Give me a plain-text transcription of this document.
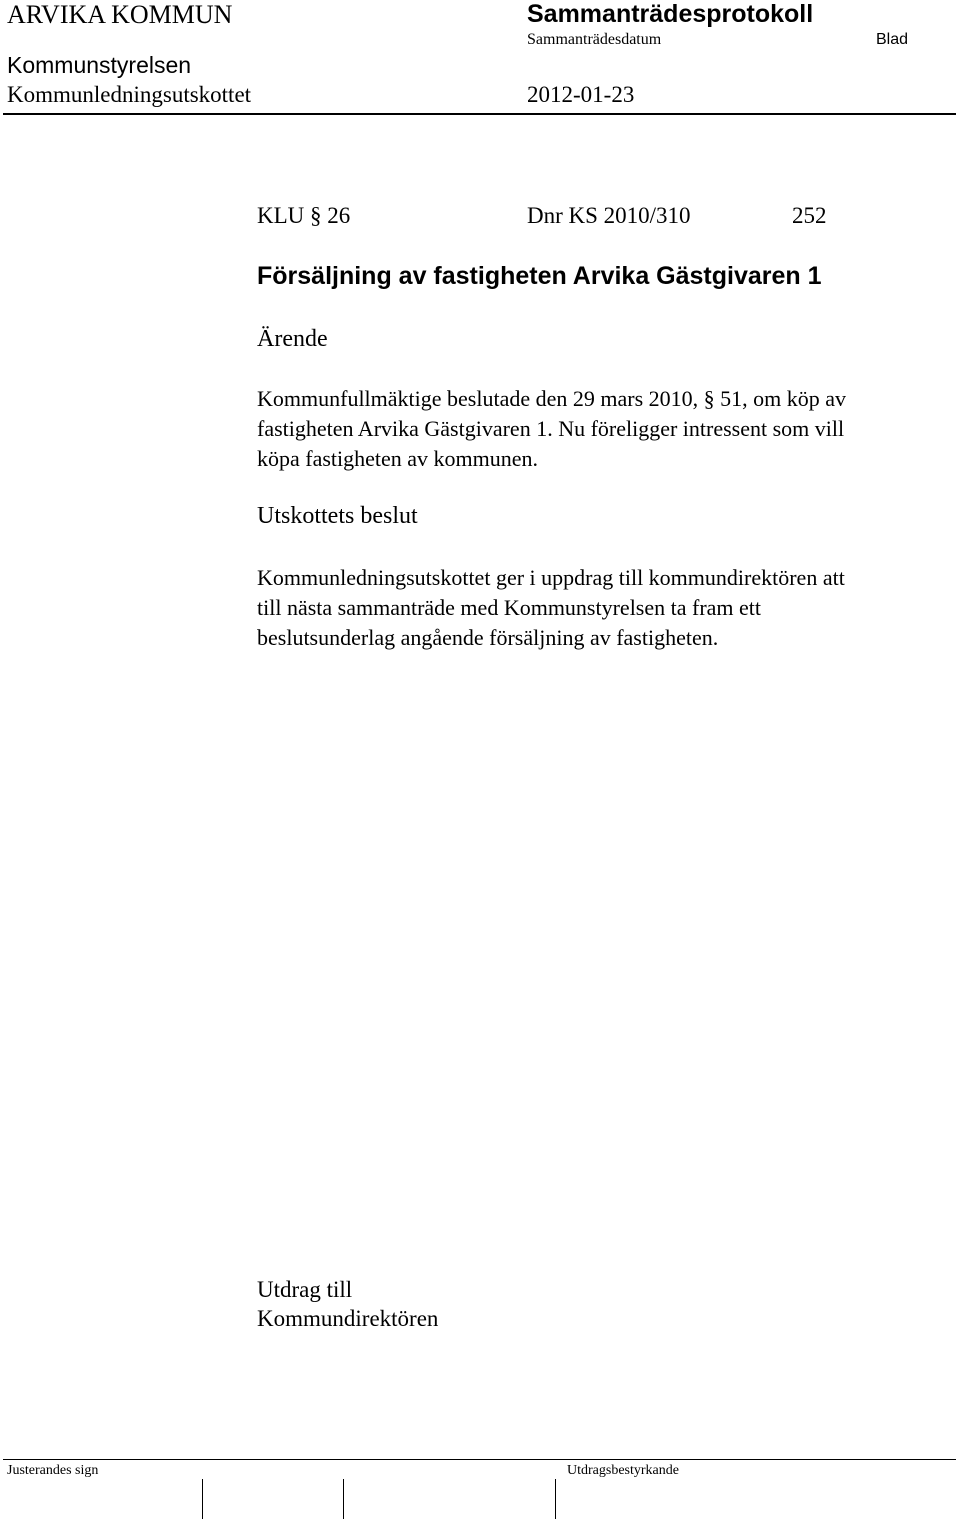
ARVIKA KOMMUN	Sammanträdesprotokoll
Sammanträdesdatum	Blad
Kommunstyrelsen
Kommunledningsutskottet	2012-01-23
KLU § 26	Dnr KS 2010/310	252
Försäljning av fastigheten Arvika Gästgivaren 1
Ärende
Kommunfullmäktige beslutade den 29 mars 2010, § 51, om köp av
fastigheten Arvika Gästgivaren 1. Nu föreligger intressent som vill
köpa fastigheten av kommunen.
Utskottets beslut
Kommunledningsutskottet ger i uppdrag till kommundirektören att
till nästa sammanträde med Kommunstyrelsen ta fram ett
beslutsunderlag angående försäljning av fastigheten.
Utdrag till
Kommundirektören
Justerandes sign	Utdragsbestyrkande
